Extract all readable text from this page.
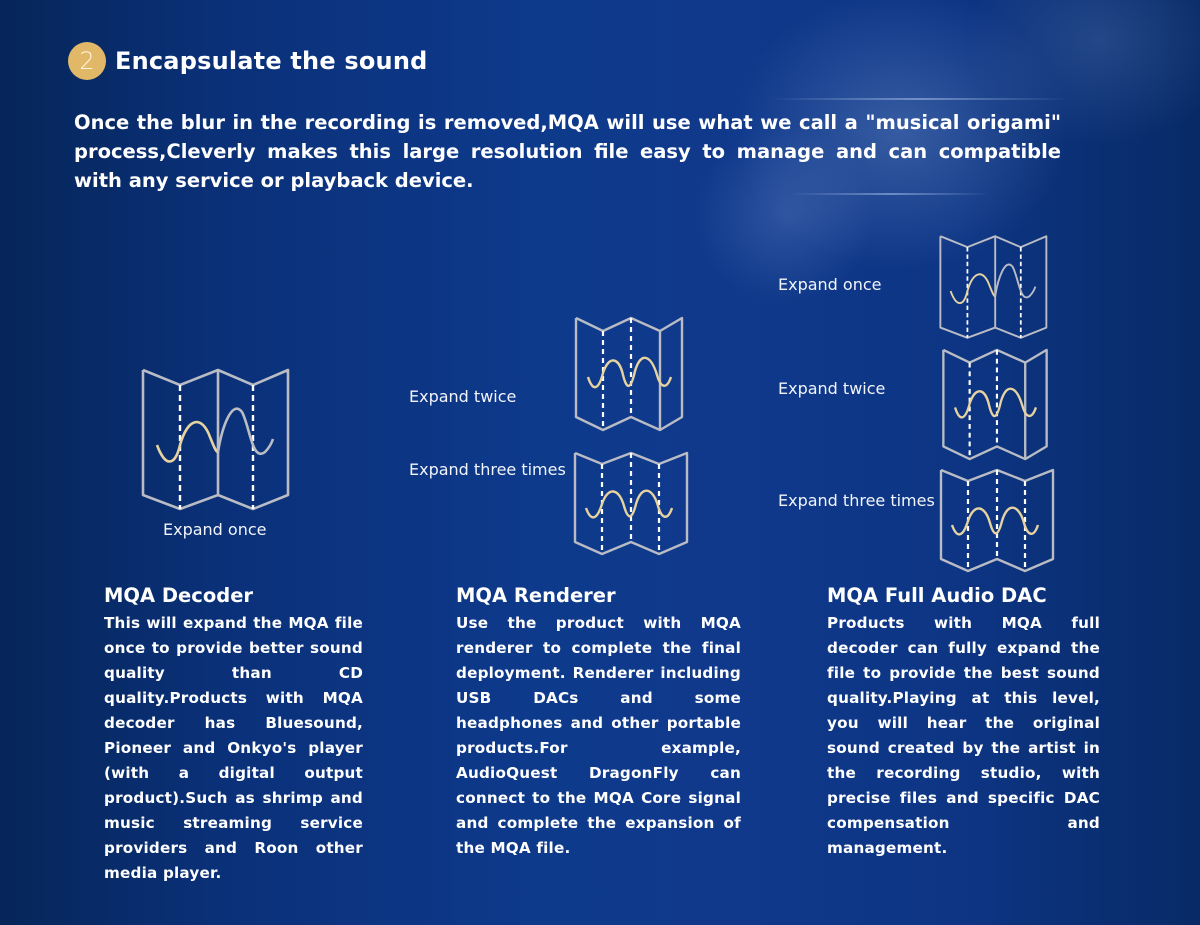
2 Encapsulate the sound
Once the blur in the recording is removed,MQA will use what we call a "musical origami" process,Cleverly makes this large resolution file easy to manage and can compatible with any service or playback device.
Expand once
MQA Decoder
This will expand the MQA file once to provide better sound quality than CD quality.Products with MQA decoder has Bluesound, Pioneer and Onkyo's player (with a digital output product).Such as shrimp and music streaming service providers and Roon other media player.
Expand twice
Expand three times
MQA Renderer
Use the product with MQA renderer to complete the final deployment. Renderer including USB DACs and some headphones and other portable products.For example, AudioQuest DragonFly can connect to the MQA Core signal and complete the expansion of the MQA file.
Expand once
Expand twice
Expand three times
MQA Full Audio DAC
Products with MQA full decoder can fully expand the file to provide the best sound quality.Playing at this level, you will hear the original sound created by the artist in the recording studio, with precise files and specific DAC compensation and management.
